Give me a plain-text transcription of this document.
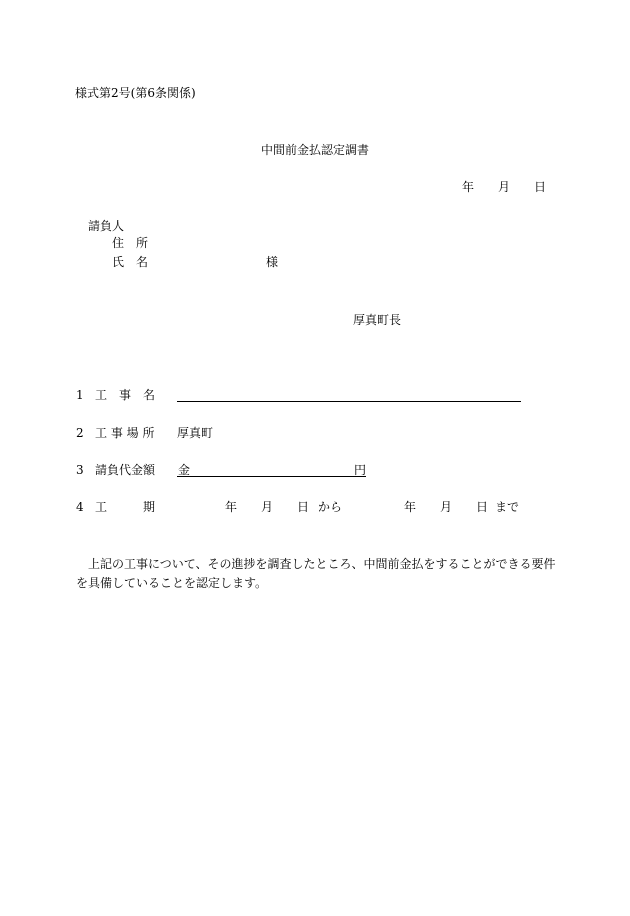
様式第2号(第6条関係)
中間前金払認定調書
年 月 日
請負人
住　所
氏　名	様
厚真町長
1 工　事　名
2 工 事 場 所 厚真町
3 請負代金額 金	円
4 工　　　期	年 月 日 から	年 月 日 まで
　上記の工事について、その進捗を調査したところ、中間前金払をすることができる要件
を具備していることを認定します。
